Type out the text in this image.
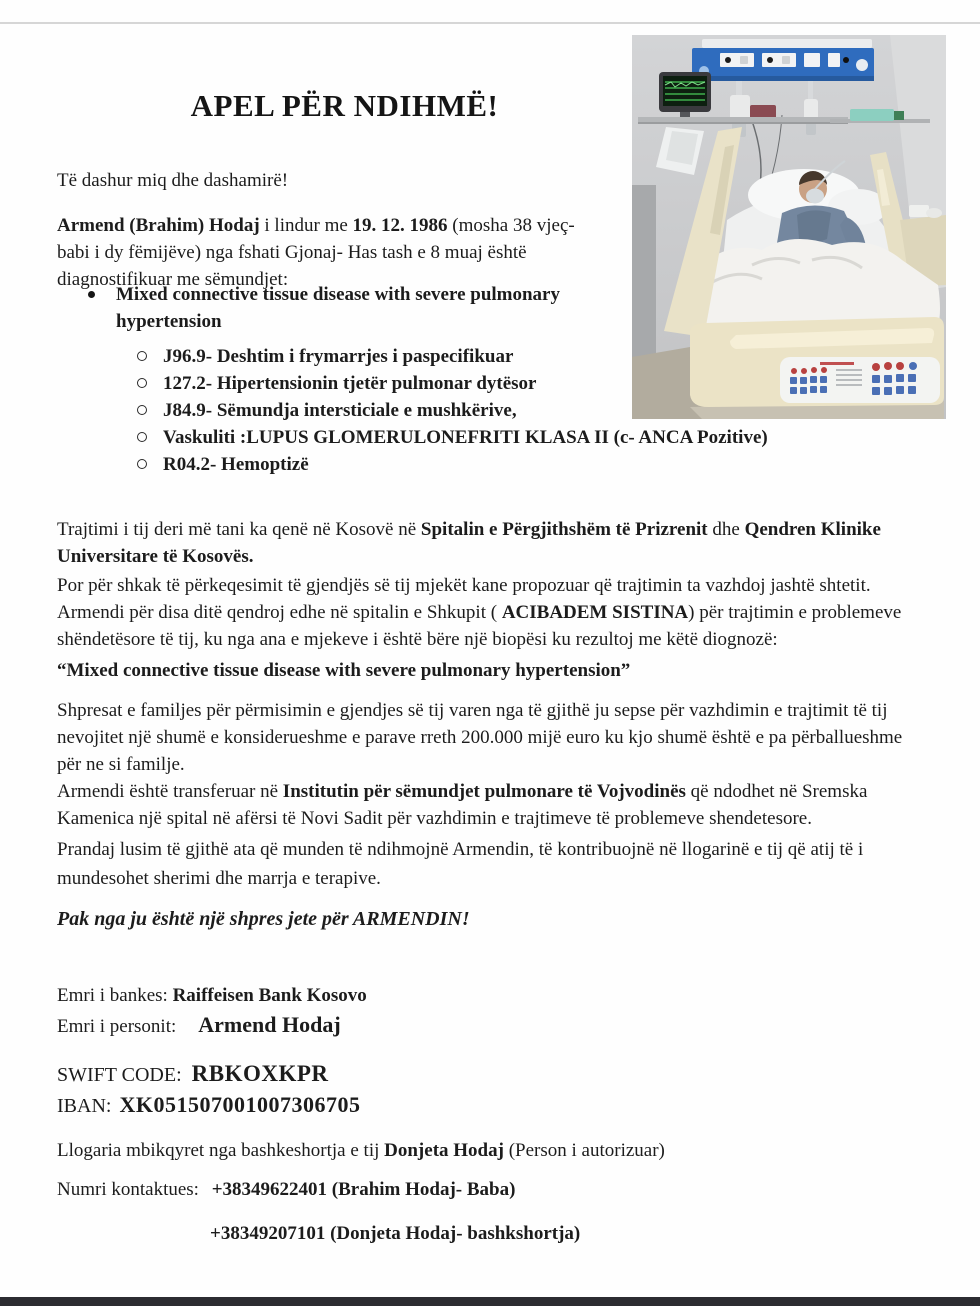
APEL PËR NDIHMË!

Të dashur miq dhe dashamirë!

Armend (Brahim) Hodaj i lindur me 19. 12. 1986 (mosha 38 vjeç- babi i dy fëmijëve) nga fshati Gjonaj- Has tash e 8 muaj është diagnostifikuar me sëmundjet:

Mixed connective tissue disease with severe pulmonary hypertension
J96.9- Deshtim i frymarrjes i paspecifikuar
127.2- Hipertensionin tjetër pulmonar dytësor
J84.9- Sëmundja intersticiale e mushkërive,
Vaskuliti :LUPUS GLOMERULONEFRITI KLASA II (c- ANCA Pozitive)
R04.2- Hemoptizë

Trajtimi i tij deri më tani ka qenë në Kosovë në Spitalin e Përgjithshëm të Prizrenit dhe Qendren Klinike Universitare të Kosovës.

Por për shkak të përkeqesimit të gjendjës së tij mjekët kane propozuar që trajtimin ta vazhdoj jashtë shtetit. Armendi për disa ditë qendroj edhe në spitalin e Shkupit ( ACIBADEM SISTINA) për trajtimin e problemeve shëndetësore të tij, ku nga ana e mjekeve i është bëre një biopësi ku rezultoj me këtë diognozë:

“Mixed connective tissue disease with severe pulmonary hypertension”

Shpresat e familjes për përmisimin e gjendjes së tij varen nga të gjithë ju sepse për vazhdimin e trajtimit të tij nevojitet një shumë e konsiderueshme e parave rreth 200.000 mijë euro ku kjo shumë është e pa përballueshme për ne si familje.

Armendi është transferuar në Institutin për sëmundjet pulmonare të Vojvodinës që ndodhet në Sremska Kamenica një spital në afërsi të Novi Sadit për vazhdimin e trajtimeve të problemeve shendetesore.

Prandaj lusim të gjithë ata që munden të ndihmojnë Armendin, të kontribuojnë në llogarinë e tij që atij të i mundesohet sherimi dhe marrja e terapive.

Pak nga ju është një shpres jete për ARMENDIN!

Emri i bankes: Raiffeisen Bank Kosovo

Emri i personit: Armend Hodaj

SWIFT CODE: RBKOXKPR

IBAN: XK051507001007306705

Llogaria mbikqyret nga bashkeshortja e tij Donjeta Hodaj (Person i autorizuar)

Numri kontaktues: +38349622401 (Brahim Hodaj- Baba)

+38349207101 (Donjeta Hodaj- bashkshortja)
